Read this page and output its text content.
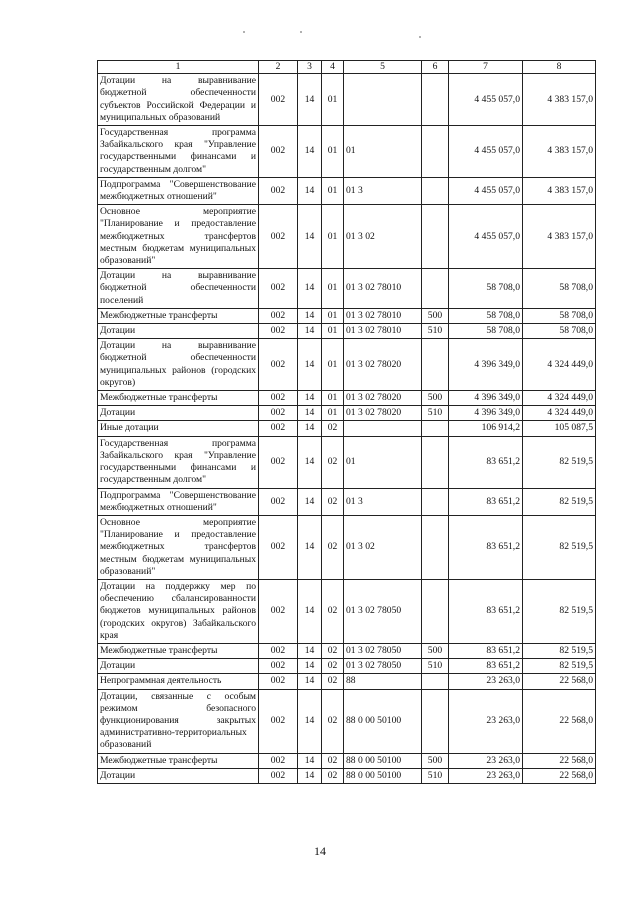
1	2	3	4	5	6	7	8
Дотации на выравнивание бюджетной обеспеченности субъектов Российской Федерации и муниципальных образований	002	14	01			4 455 057,0	4 383 157,0
Государственная программа Забайкальского края "Управление государственными финансами и государственным долгом"	002	14	01	01		4 455 057,0	4 383 157,0
Подпрограмма "Совершенствование межбюджетных отношений"	002	14	01	01 3		4 455 057,0	4 383 157,0
Основное мероприятие "Планирование и предоставление межбюджетных трансфертов местным бюджетам муниципальных образований"	002	14	01	01 3 02		4 455 057,0	4 383 157,0
Дотации на выравнивание бюджетной обеспеченности поселений	002	14	01	01 3 02 78010		58 708,0	58 708,0
Межбюджетные трансферты	002	14	01	01 3 02 78010	500	58 708,0	58 708,0
Дотации	002	14	01	01 3 02 78010	510	58 708,0	58 708,0
Дотации на выравнивание бюджетной обеспеченности муниципальных районов (городских округов)	002	14	01	01 3 02 78020		4 396 349,0	4 324 449,0
Межбюджетные трансферты	002	14	01	01 3 02 78020	500	4 396 349,0	4 324 449,0
Дотации	002	14	01	01 3 02 78020	510	4 396 349,0	4 324 449,0
Иные дотации	002	14	02			106 914,2	105 087,5
Государственная программа Забайкальского края "Управление государственными финансами и государственным долгом"	002	14	02	01		83 651,2	82 519,5
Подпрограмма "Совершенствование межбюджетных отношений"	002	14	02	01 3		83 651,2	82 519,5
Основное мероприятие "Планирование и предоставление межбюджетных трансфертов местным бюджетам муниципальных образований"	002	14	02	01 3 02		83 651,2	82 519,5
Дотации на поддержку мер по обеспечению сбалансированности бюджетов муниципальных районов (городских округов) Забайкальского края	002	14	02	01 3 02 78050		83 651,2	82 519,5
Межбюджетные трансферты	002	14	02	01 3 02 78050	500	83 651,2	82 519,5
Дотации	002	14	02	01 3 02 78050	510	83 651,2	82 519,5
Непрограммная деятельность	002	14	02	88		23 263,0	22 568,0
Дотации, связанные с особым режимом безопасного функционирования закрытых административно-территориальных образований	002	14	02	88 0 00 50100		23 263,0	22 568,0
Межбюджетные трансферты	002	14	02	88 0 00 50100	500	23 263,0	22 568,0
Дотации	002	14	02	88 0 00 50100	510	23 263,0	22 568,0
14
